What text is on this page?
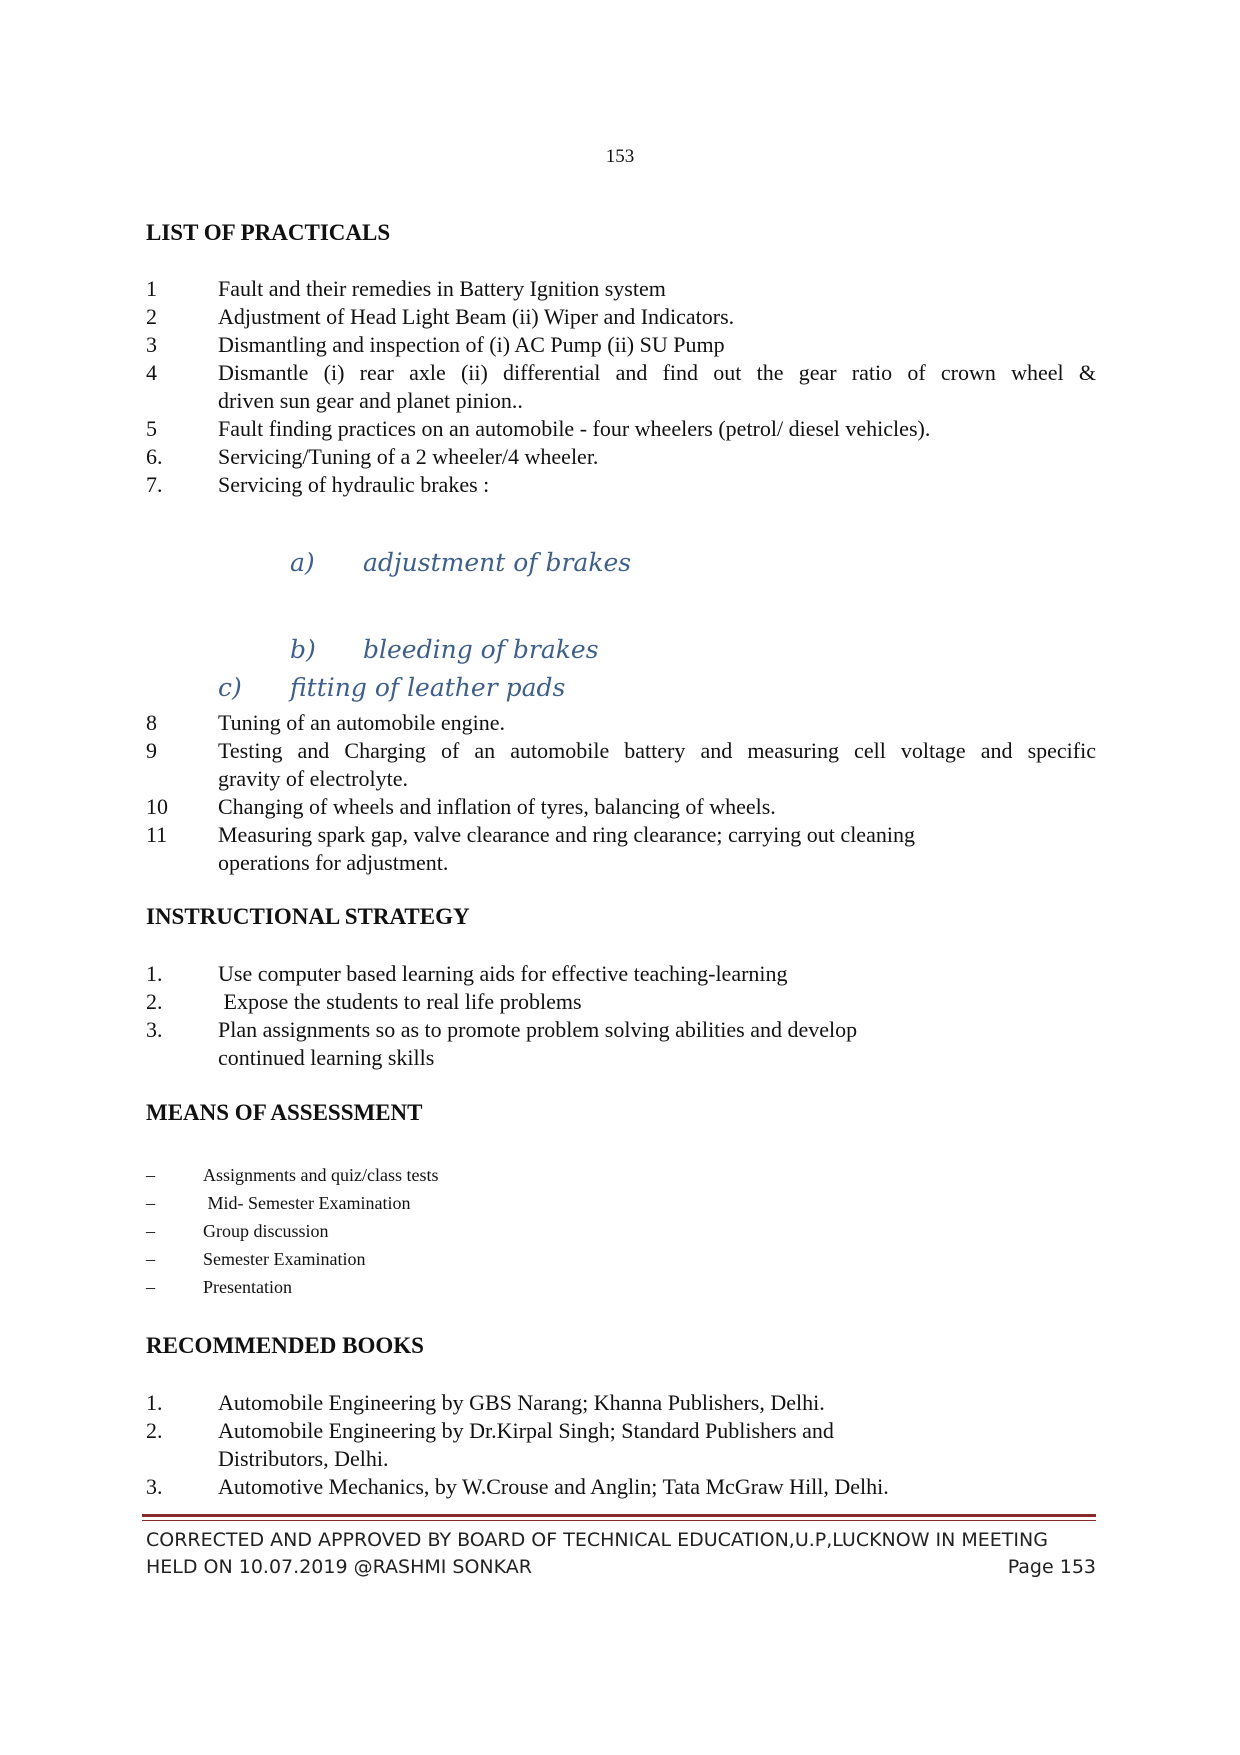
153
LIST OF PRACTICALS
1	Fault and their remedies in Battery Ignition system
2	Adjustment of Head Light Beam (ii) Wiper and Indicators.
3	Dismantling and inspection of (i) AC Pump (ii) SU Pump
4	Dismantle (i) rear axle (ii) differential and find out the gear ratio of crown wheel &
driven sun gear and planet pinion..
5	Fault finding practices on an automobile - four wheelers (petrol/ diesel vehicles).
6.	Servicing/Tuning of a 2 wheeler/4 wheeler.
7.	Servicing of hydraulic brakes :
a) adjustment of brakes
b) bleeding of brakes
c) fitting of leather pads
8	Tuning of an automobile engine.
9	Testing and Charging of an automobile battery and measuring cell voltage and specific
gravity of electrolyte.
10 Changing of wheels and inflation of tyres, balancing of wheels.
11 Measuring spark gap, valve clearance and ring clearance; carrying out cleaning
operations for adjustment.
INSTRUCTIONAL STRATEGY
1.	Use computer based learning aids for effective teaching-learning
2.	Expose the students to real life problems
3.	Plan assignments so as to promote problem solving abilities and develop
continued learning skills
MEANS OF ASSESSMENT
–	Assignments and quiz/class tests
–	Mid- Semester Examination
–	Group discussion
–	Semester Examination
–	Presentation
RECOMMENDED BOOKS
1.	Automobile Engineering by GBS Narang; Khanna Publishers, Delhi.
2.	Automobile Engineering by Dr.Kirpal Singh; Standard Publishers and
Distributors, Delhi.
3.	Automotive Mechanics, by W.Crouse and Anglin; Tata McGraw Hill, Delhi.
CORRECTED AND APPROVED BY BOARD OF TECHNICAL EDUCATION,U.P,LUCKNOW IN MEETING
HELD ON 10.07.2019 @RASHMI SONKAR	Page 153
